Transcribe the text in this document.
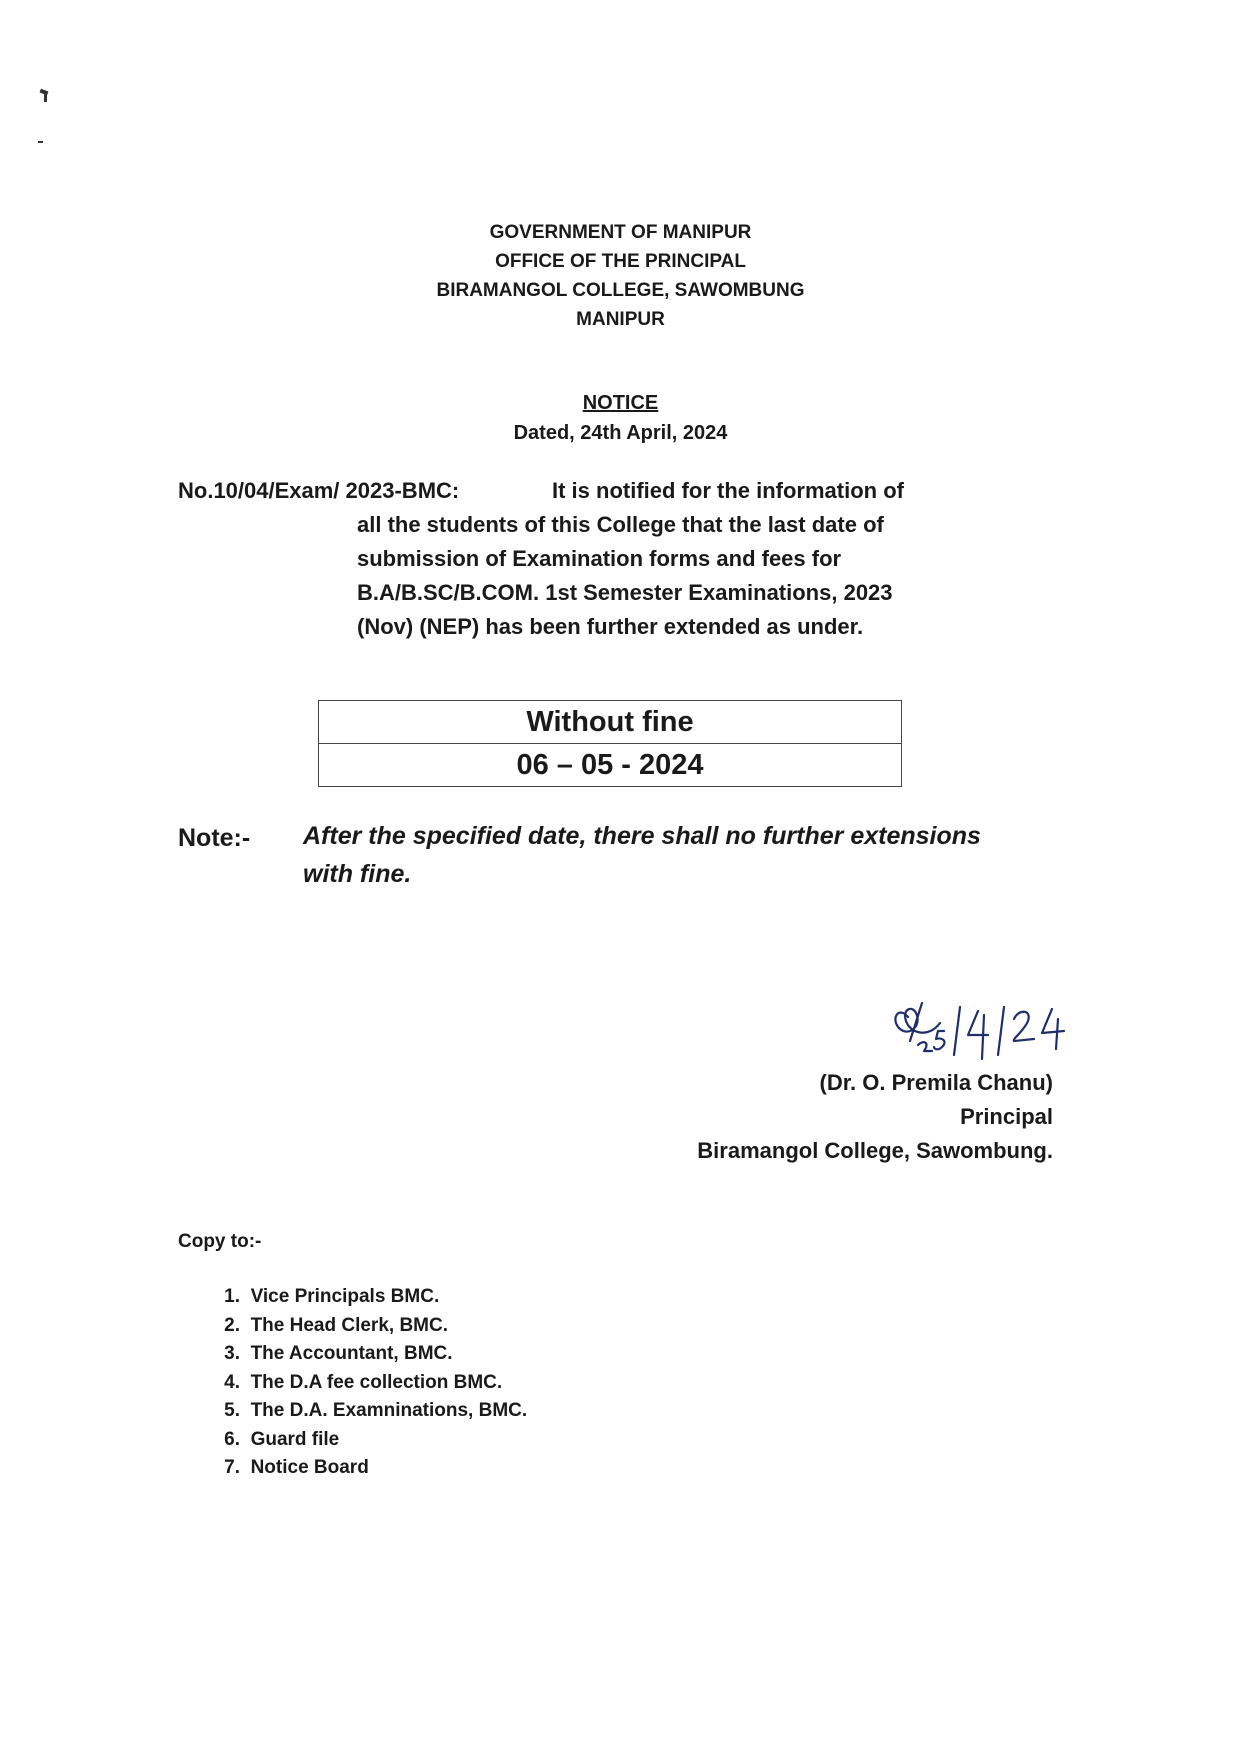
GOVERNMENT OF MANIPUR
OFFICE OF THE PRINCIPAL
BIRAMANGOL COLLEGE, SAWOMBUNG
MANIPUR
NOTICE
Dated, 24th April, 2024
No.10/04/Exam/ 2023-BMC:	It is notified for the information of
all the students of this College that the last date of
submission of Examination forms and fees for
B.A/B.SC/B.COM. 1st Semester Examinations, 2023
(Nov) (NEP) has been further extended as under.
Without fine
06 – 05 - 2024
Note:- After the specified date, there shall no further extensions
with fine.
(Dr. O. Premila Chanu)
Principal
Biramangol College, Sawombung.
Copy to:-
1.
Vice Principals BMC.
2.
The Head Clerk, BMC.
3.
The Accountant, BMC.
4.
The D.A fee collection BMC.
5.
The D.A. Examninations, BMC.
6.
Guard file
7.
Notice Board
